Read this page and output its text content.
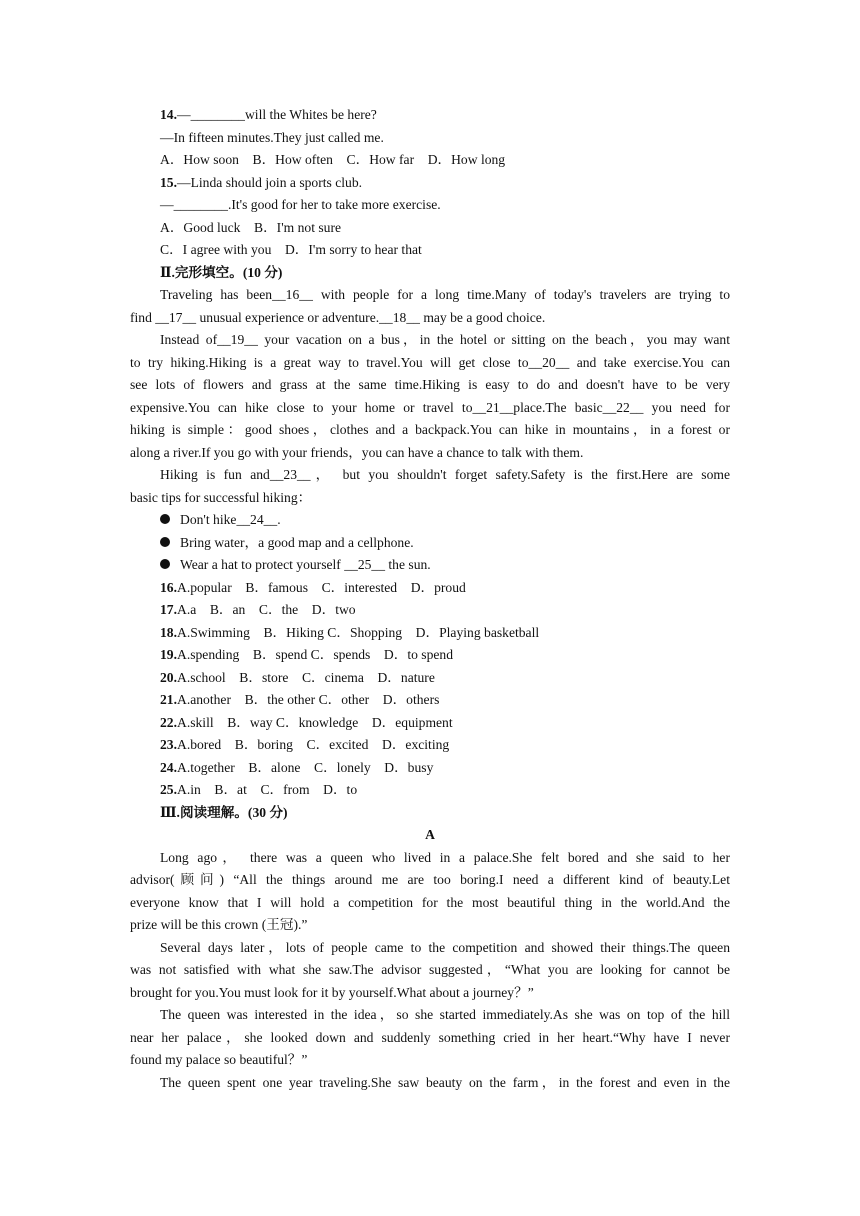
14.—________will the Whites be here?
—In fifteen minutes.They just called me.
A．How soon　B．How often　C．How far　D．How long
15.—Linda should join a sports club.
—________.It's good for her to take more exercise.
A．Good luck　B．I'm not sure
C．I agree with you　D．I'm sorry to hear that
Ⅱ.完形填空。(10 分)
Traveling has been__16__ with people for a long time.Many of today's travelers are trying to
find __17__ unusual experience or adventure.__18__ may be a good choice.
Instead of__19__ your vacation on a bus，in the hotel or sitting on the beach，you may want
to try hiking.Hiking is a great way to travel.You will get close to__20__ and take exercise.You can
see lots of flowers and grass at the same time.Hiking is easy to do and doesn't have to be very
expensive.You can hike close to your home or travel to__21__place.The basic__22__ you need for
hiking is simple：good shoes，clothes and a backpack.You can hike in mountains，in a forest or
along a river.If you go with your friends，you can have a chance to talk with them.
Hiking is fun and__23__， but you shouldn't forget safety.Safety is the first.Here are some
basic tips for successful hiking：
Don't hike__24__.
Bring water，a good map and a cellphone.
Wear a hat to protect yourself __25__ the sun.
16.A.popular　B．famous　C．interested　D．proud
17.A.a　B．an　C．the　D．two
18.A.Swimming　B．Hiking C．Shopping　D．Playing basketball
19.A.spending　B．spend C．spends　D．to spend
20.A.school　B．store　C．cinema　D．nature
21.A.another　B．the other C．other　D．others
22.A.skill　B．way C．knowledge　D．equipment
23.A.bored　B．boring　C．excited　D．exciting
24.A.together　B．alone　C．lonely　D．busy
25.A.in　B．at　C．from　D．to
Ⅲ.阅读理解。(30 分)
A
Long ago， there was a queen who lived in a palace.She felt bored and she said to her
advisor(顾问) “All the things around me are too boring.I need a different kind of beauty.Let
everyone know that I will hold a competition for the most beautiful thing in the world.And the
prize will be this crown (王冠).”
Several days later，lots of people came to the competition and showed their things.The queen
was not satisfied with what she saw.The advisor suggested，“What you are looking for cannot be
brought for you.You must look for it by yourself.What about a journey？”
The queen was interested in the idea，so she started immediately.As she was on top of the hill
near her palace，she looked down and suddenly something cried in her heart.“Why have I never
found my palace so beautiful？”
The queen spent one year traveling.She saw beauty on the farm，in the forest and even in the
